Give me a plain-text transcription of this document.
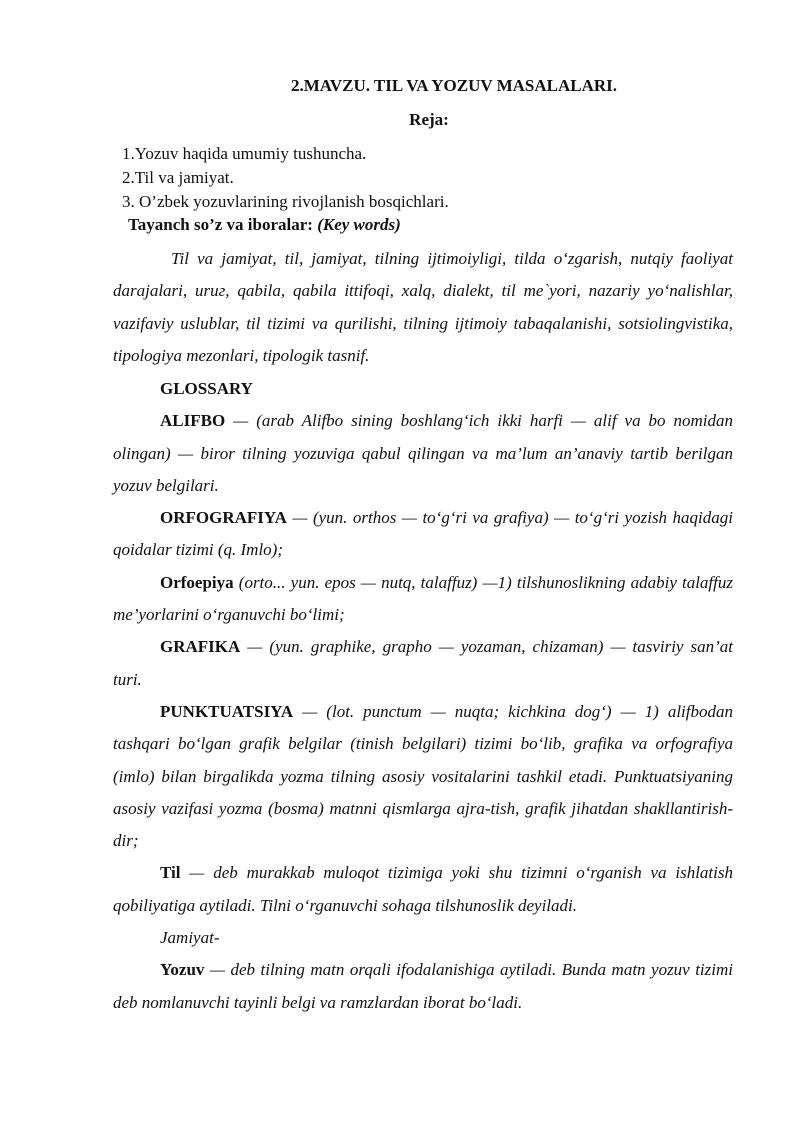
2.MAVZU. TIL VA YOZUV MASALALARI.
Reja:
1.Yozuv haqida umumiy tushuncha.
2.Til va jamiyat.
3. O’zbek yozuvlarining rivojlanish bosqichlari.
Tayanch so’z va iboralar: (Key words)

Til va jamiyat, til, jamiyat, tilning ijtimoiyligi, tilda o‘zgarish, nutqiy faoliyat darajalari, uruг, qabila, qabila ittifoqi, xalq, dialekt, til me`yori, nazariy yo‘nalishlar, vazifaviy uslublar, til tizimi va qurilishi, tilning ijtimoiy tabaqalanishi, sotsiolingvistika, tipologiya mezonlari, tipologik tasnif.

GLOSSARY

ALIFBO — (arab Alifbo sining boshlang‘ich ikki harfi — alif va bo nomidan olingan) — biror tilning yozuviga qabul qilingan va ma’lum an’anaviy tartib berilgan yozuv belgilari.

ORFOGRAFIYA — (yun. orthos — to‘g‘ri va grafiya) — to‘g‘ri yozish haqidagi qoidalar tizimi (q. Imlo);

Orfoepiya (orto... yun. epos — nutq, talaffuz) —1) tilshunoslikning adabiy talaffuz me’yorlarini o‘rganuvchi bo‘limi;

GRAFIKA — (yun. graphike, grapho — yozaman, chizaman) — tasviriy san’at turi.

PUNKTUATSIYA — (lot. punctum — nuqta; kichkina dog‘) — 1) alifbodan tashqari bo‘lgan grafik belgilar (tinish belgilari) tizimi bo‘lib, grafika va orfografiya (imlo) bilan birgalikda yozma tilning asosiy vositalarini tashkil etadi. Punktuatsiyaning asosiy vazifasi yozma (bosma) matnni qismlarga ajra-tish, grafik jihatdan shakllantirish-dir;

Til — deb murakkab muloqot tizimiga yoki shu tizimni o‘rganish va ishlatish qobiliyatiga aytiladi. Tilni o‘rganuvchi sohaga tilshunoslik deyiladi.

Jamiyat-

Yozuv — deb tilning matn orqali ifodalanishiga aytiladi. Bunda matn yozuv tizimi deb nomlanuvchi tayinli belgi va ramzlardan iborat bo‘ladi.
